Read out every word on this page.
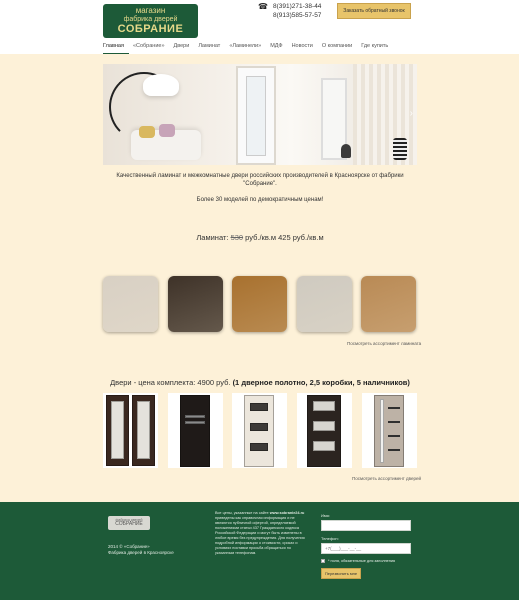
магазин
фабрика дверей
СОБРАНИЕ
☎ 8(391)271-38-44
8(913)585-57-57
Заказать обратный звонок
Главная	«Собрание»	Двери	Ламинат	«Ламинели»	МДФ	Новости	О компании	Где купить
›

Качественный ламинат и межкомнатные двери российских производителей в Красноярске от фабрики "Собрание".

Более 30 моделей по демократичным ценам!

Ламинат: 530 руб./кв.м 425 руб./кв.м
Посмотреть ассортимент ламината
Двери - цена комплекта: 4900 руб. (1 дверное полотно, 2,5 коробки, 5 наличников)
Посмотреть ассортимент дверей
фабрика дверей
СОБРАНИЕ
2014 © «Собрание»
Фабрика дверей в Красноярске
Все цены, указанные на сайте www.sobranie24.ru приведены как справочная информация и не являются публичной офертой, определяемой положениями статьи 437 Гражданского кодекса Российской Федерации и могут быть изменены в любое время без предупреждения. Для получения подробной информации о стоимости, сроках и условиях поставки просьба обращаться по указанным телефонам.
Имя:
Телефон:
+7(___)___-__-__
* поля, обязательные для заполнения
Перезвонить мне
